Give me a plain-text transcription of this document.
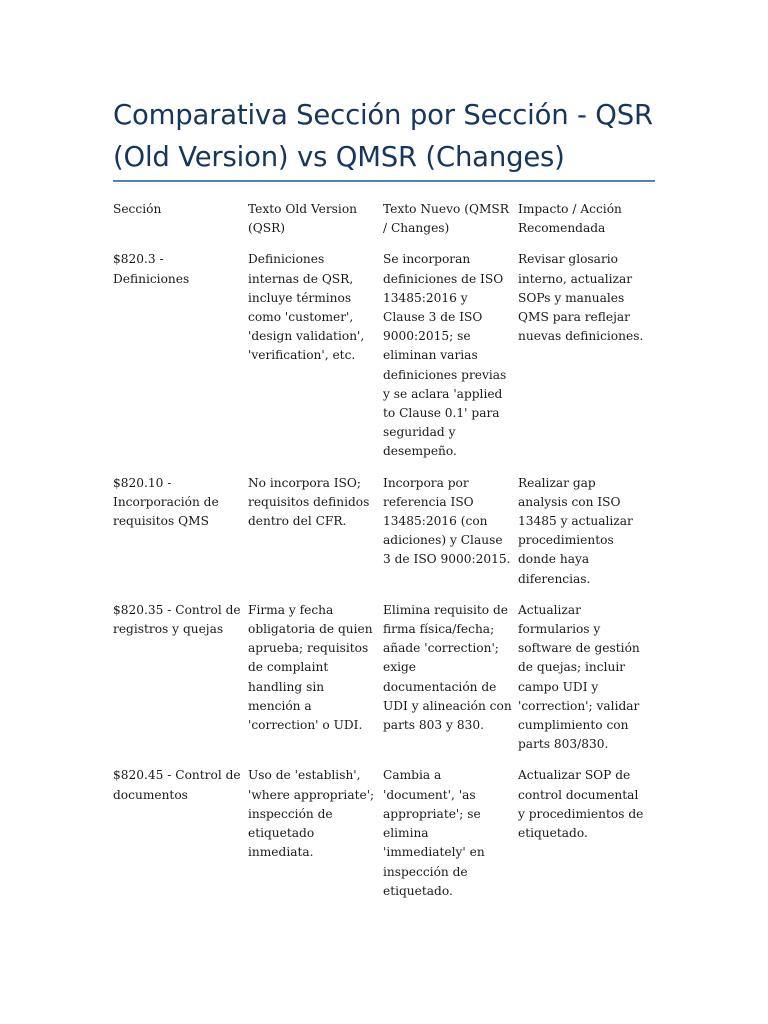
Comparativa Sección por Sección - QSR (Old Version) vs QMSR (Changes)
Sección	Texto Old Version (QSR)	Texto Nuevo (QMSR / Changes)	Impacto / Acción Recomendada
$820.3 - Definiciones	Definiciones internas de QSR, incluye términos como 'customer', 'design validation', 'verification', etc.	Se incorporan definiciones de ISO 13485:2016 y Clause 3 de ISO 9000:2015; se eliminan varias definiciones previas y se aclara 'applied to Clause 0.1' para seguridad y desempeño.	Revisar glosario interno, actualizar SOPs y manuales QMS para reflejar nuevas definiciones.
$820.10 - Incorporación de requisitos QMS	No incorpora ISO; requisitos definidos dentro del CFR.	Incorpora por referencia ISO 13485:2016 (con adiciones) y Clause 3 de ISO 9000:2015.	Realizar gap analysis con ISO 13485 y actualizar procedimientos donde haya diferencias.
$820.35 - Control de registros y quejas	Firma y fecha obligatoria de quien aprueba; requisitos de complaint handling sin mención a 'correction' o UDI.	Elimina requisito de firma física/fecha; añade 'correction'; exige documentación de UDI y alineación con parts 803 y 830.	Actualizar formularios y software de gestión de quejas; incluir campo UDI y 'correction'; validar cumplimiento con parts 803/830.
$820.45 - Control de documentos	Uso de 'establish', 'where appropriate'; inspección de etiquetado inmediata.	Cambia a 'document', 'as appropriate'; se elimina 'immediately' en inspección de etiquetado.	Actualizar SOP de control documental y procedimientos de etiquetado.
